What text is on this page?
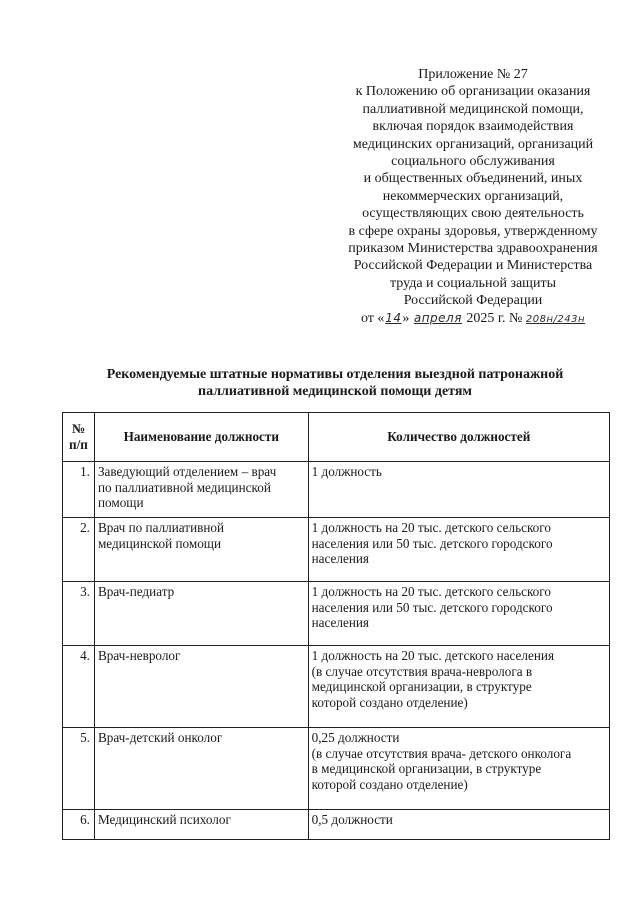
Приложение № 27
к Положению об организации оказания
паллиативной медицинской помощи,
включая порядок взаимодействия
медицинских организаций, организаций
социального обслуживания
и общественных объединений, иных
некоммерческих организаций,
осуществляющих свою деятельность
в сфере охраны здоровья, утвержденному
приказом Министерства здравоохранения
Российской Федерации и Министерства
труда и социальной защиты
Российской Федерации
от «14» апреля 2025 г. № 208н/243н
Рекомендуемые штатные нормативы отделения выездной патронажной
паллиативной медицинской помощи детям
№ п/п	Наименование должности	Количество должностей
1.	Заведующий отделением – врач
по паллиативной медицинской
помощи	1 должность

2.	Врач по паллиативной
медицинской помощи	1 должность на 20 тыс. детского сельского
населения или 50 тыс. детского городского
населения

3.	Врач-педиатр	1 должность на 20 тыс. детского сельского
населения или 50 тыс. детского городского
населения

4.	Врач-невролог	1 должность на 20 тыс. детского населения
(в случае отсутствия врача-невролога в
медицинской организации, в структуре
которой создано отделение)

5.	Врач-детский онколог	0,25 должности
(в случае отсутствия врача- детского онколога
в медицинской организации, в структуре
которой создано отделение)

6.	Медицинский психолог	0,5 должности
